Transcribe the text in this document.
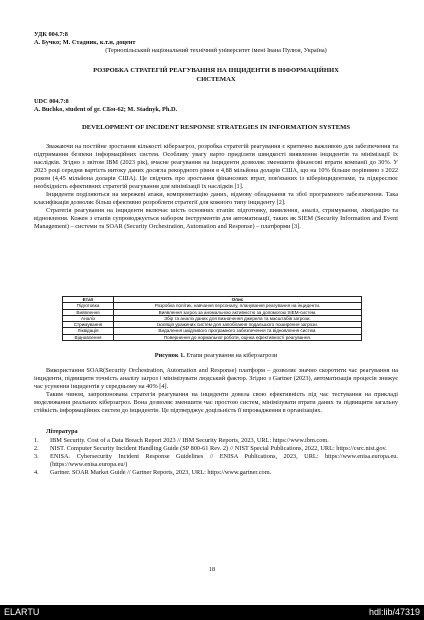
УДК 004.7:8

А. Бучко; М. Стадник, к.т.н, доцент

(Тернопільський національний технічний університет імені Івана Пулюя, Україна)

РОЗРОБКА СТРАТЕГІЙ РЕАГУВАННЯ НА ІНЦИДЕНТИ В ІНФОРМАЦІЙНИХ

СИСТЕМАХ

UDC 004.7:8

A. Buchko, student of gr. СБм-62; M. Stadnyk, Ph.D.

DEVELOPMENT OF INCIDENT RESPONSE STRATEGIES IN INFORMATION SYSTEMS

Зважаючи на постійне зростання кількості кіберзагроз, розробка стратегій реагування є критично важливою для забезпечення та підтримання безпеки інформаційних систем. Особливу увагу варто приділяти швидкості виявлення інцидентів та мінімізації їх наслідків. Згідно з звітом IBM (2023 рік), вчасне реагування на інциденти дозволяє зменшити фінансові втрати компанії до 30%. У 2023 році середня вартість витоку даних досягла рекордного рівня в 4,88 мільйона доларів США, що на 10% більше порівняно з 2022 роком (4,45 мільйона доларів США). Це свідчить про зростання фінансових втрат, пов'язаних із кіберінцидентами, та підкреслює необхідність ефективних стратегій реагування для мінімізації їх наслідків [1].

Інциденти поділяються на мережеві атаки, компрометацію даних, відмову обладнання та збої програмного забезпечення. Така класифікація дозволяє більш ефективно розробляти стратегії для кожного типу інциденту [2].

Стратегія реагування на інциденти включає шість основних етапів: підготовку, виявлення, аналіз, стримування, ліквідацію та відновлення. Кожен з етапів супроводжується набором інструментів для автоматизації, таких як SIEM (Security Information and Event Management) – системи та SOAR (Security Orchestration, Automation and Response) – платформи [3].

Етап	Опис
Підготовка	Розробка політик, навчання персоналу, планування реагування на інциденти.
Виявлення	Виявлення загроз за аномальною активністю за допомогою SIEM-систем.
Аналіз	Збір та аналіз даних для визначення джерела та масштабів загрози.
Стримування	Ізоляція уражених систем для запобігання подальшого поширення загрози.
Ліквідація	Видалення шкідливого програмного забезпечення та відновлення систем.
Відновлення	Повернення до нормальної роботи, оцінка ефективності реагування.
Рисунок 1. Етапи реагування на кіберзагрози

Використання SOAR(Security Orchestration, Automation and Response) платформ – дозволяє значно скоротити час реагування на інциденти, підвищити точність аналізу загроз і мінімізувати людський фактор. Згідно з Gartner (2023), автоматизація процесів знижує час усунення інцидентів у середньому на 40% [4].

Таким чином, запропонована стратегія реагування на інциденти довела свою ефективність під час тестування на прикладі моделювання реальних кіберзагроз. Вона дозволяє зменшити час простою систем, мінімізувати втрати даних та підвищити загальну стійкість інформаційних систем до інцидентів. Це підтверджує доцільність її впровадження в організаціях.

Література

1. IBM Security. Cost of a Data Breach Report 2023 // IBM Security Reports, 2023, URL: https://www.ibm.com.
2. NIST. Computer Security Incident Handling Guide (SP 800-61 Rev. 2) // NIST Special Publications, 2022, URL: https://csrc.nist.gov.
3. ENISA. Cybersecurity Incident Response Guidelines // ENISA Publications, 2023, URL: https://www.enisa.europa.eu. (https://www.enisa.europa.eu/)
4. Gartner. SOAR Market Guide // Gartner Reports, 2023, URL: https://www.gartner.com.
18
ELARTU	hdl:lib/47319
